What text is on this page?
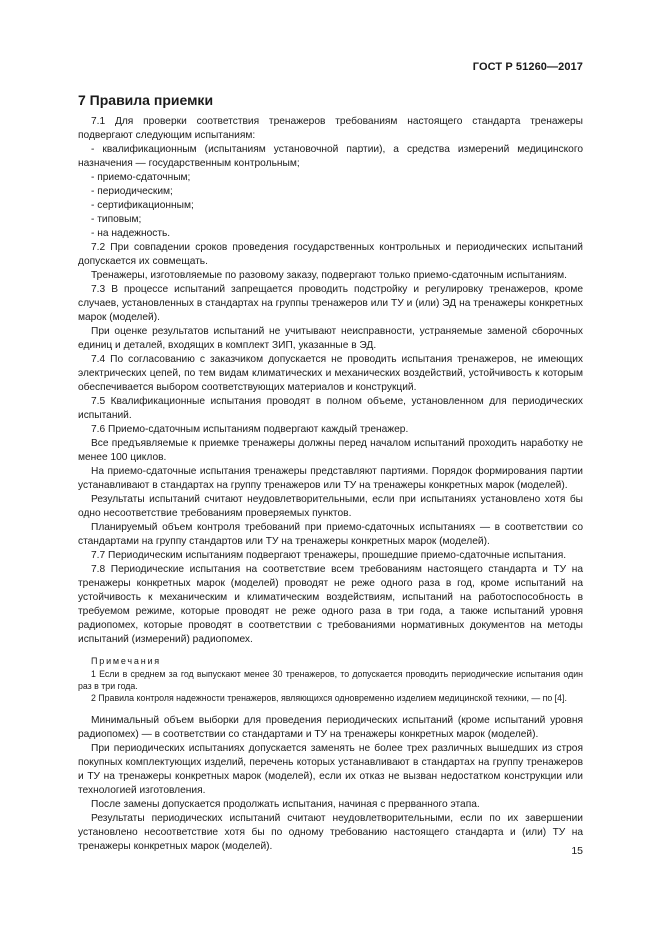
ГОСТ Р 51260—2017
7 Правила приемки

7.1 Для проверки соответствия тренажеров требованиям настоящего стандарта тренажеры подвергают следующим испытаниям:

- квалификационным (испытаниям установочной партии), а средства измерений медицинского назначения — государственным контрольным;

- приемо-сдаточным;

- периодическим;

- сертификационным;

- типовым;

- на надежность.

7.2 При совпадении сроков проведения государственных контрольных и периодических испытаний допускается их совмещать.

Тренажеры, изготовляемые по разовому заказу, подвергают только приемо-сдаточным испытаниям.

7.3 В процессе испытаний запрещается проводить подстройку и регулировку тренажеров, кроме случаев, установленных в стандартах на группы тренажеров или ТУ и (или) ЭД на тренажеры конкретных марок (моделей).

При оценке результатов испытаний не учитывают неисправности, устраняемые заменой сборочных единиц и деталей, входящих в комплект ЗИП, указанные в ЭД.

7.4 По согласованию с заказчиком допускается не проводить испытания тренажеров, не имеющих электрических цепей, по тем видам климатических и механических воздействий, устойчивость к которым обеспечивается выбором соответствующих материалов и конструкций.

7.5 Квалификационные испытания проводят в полном объеме, установленном для периодических испытаний.

7.6 Приемо-сдаточным испытаниям подвергают каждый тренажер.

Все предъявляемые к приемке тренажеры должны перед началом испытаний проходить наработку не менее 100 циклов.

На приемо-сдаточные испытания тренажеры представляют партиями. Порядок формирования партии устанавливают в стандартах на группу тренажеров или ТУ на тренажеры конкретных марок (моделей).

Результаты испытаний считают неудовлетворительными, если при испытаниях установлено хотя бы одно несоответствие требованиям проверяемых пунктов.

Планируемый объем контроля требований при приемо-сдаточных испытаниях — в соответствии со стандартами на группу стандартов или ТУ на тренажеры конкретных марок (моделей).

7.7 Периодическим испытаниям подвергают тренажеры, прошедшие приемо-сдаточные испытания.

7.8 Периодические испытания на соответствие всем требованиям настоящего стандарта и ТУ на тренажеры конкретных марок (моделей) проводят не реже одного раза в год, кроме испытаний на устойчивость к механическим и климатическим воздействиям, испытаний на работоспособность в требуемом режиме, которые проводят не реже одного раза в три года, а также испытаний уровня радиопомех, которые проводят в соответствии с требованиями нормативных документов на методы испытаний (измерений) радиопомех.

Примечания
1 Если в среднем за год выпускают менее 30 тренажеров, то допускается проводить периодические испытания один раз в три года.
2 Правила контроля надежности тренажеров, являющихся одновременно изделием медицинской техники, — по [4].

Минимальный объем выборки для проведения периодических испытаний (кроме испытаний уровня радиопомех) — в соответствии со стандартами и ТУ на тренажеры конкретных марок (моделей).

При периодических испытаниях допускается заменять не более трех различных вышедших из строя покупных комплектующих изделий, перечень которых устанавливают в стандартах на группу тренажеров и ТУ на тренажеры конкретных марок (моделей), если их отказ не вызван недостатком конструкции или технологией изготовления.

После замены допускается продолжать испытания, начиная с прерванного этапа.

Результаты периодических испытаний считают неудовлетворительными, если по их завершении установлено несоответствие хотя бы по одному требованию настоящего стандарта и (или) ТУ на тренажеры конкретных марок (моделей).	15
